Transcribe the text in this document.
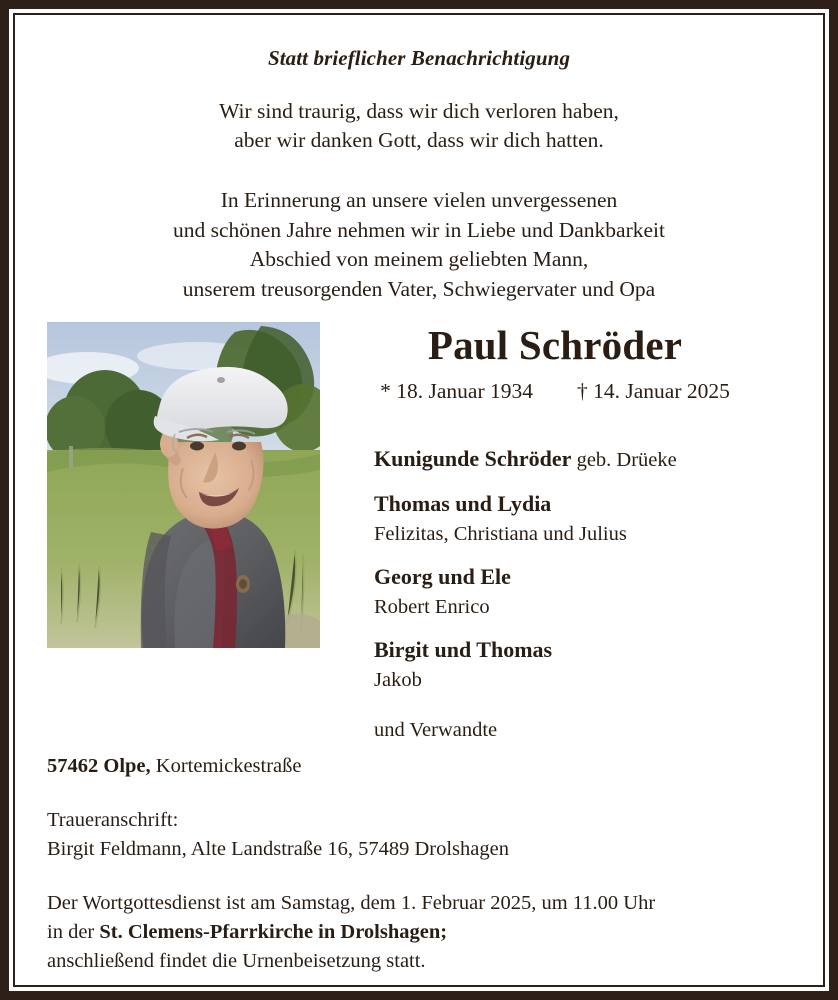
Statt brieflicher Benachrichtigung
Wir sind traurig, dass wir dich verloren haben,
aber wir danken Gott, dass wir dich hatten.
In Erinnerung an unsere vielen unvergessenen
und schönen Jahre nehmen wir in Liebe und Dankbarkeit
Abschied von meinem geliebten Mann,
unserem treusorgenden Vater, Schwiegervater und Opa
Paul Schröder
* 18. Januar 1934 † 14. Januar 2025
Kunigunde Schröder geb. Drüeke
Thomas und Lydia
Felizitas, Christiana und Julius
Georg und Ele
Robert Enrico
Birgit und Thomas
Jakob
und Verwandte
57462 Olpe, Kortemickestraße
Traueranschrift:
Birgit Feldmann, Alte Landstraße 16, 57489 Drolshagen
Der Wortgottesdienst ist am Samstag, dem 1. Februar 2025, um 11.00 Uhr
in der St. Clemens-Pfarrkirche in Drolshagen;
anschließend findet die Urnenbeisetzung statt.
